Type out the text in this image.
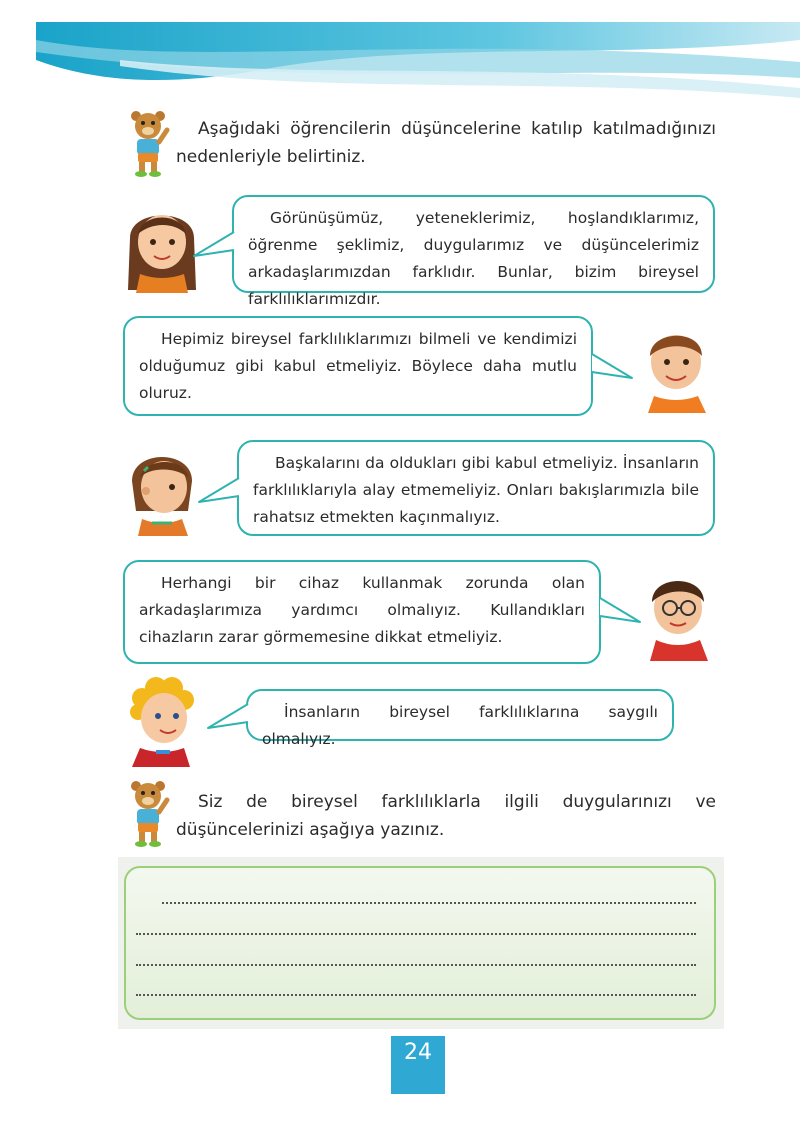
Aşağıdaki öğrencilerin düşüncelerine katılıp katılmadığınızı nedenleriyle belirtiniz.

Görünüşümüz, yeteneklerimiz, hoşlandıklarımız, öğrenme şeklimiz, duygularımız ve düşüncelerimiz arkadaşlarımızdan farklıdır. Bunlar, bizim bireysel farklılıklarımızdır.

Hepimiz bireysel farklılıklarımızı bilmeli ve kendimizi olduğumuz gibi kabul etmeliyiz. Böylece daha mutlu oluruz.

Başkalarını da oldukları gibi kabul etmeliyiz. İnsanların farklılıklarıyla alay etmemeliyiz. Onları bakışlarımızla bile rahatsız etmekten kaçınmalıyız.

Herhangi bir cihaz kullanmak zorunda olan arkadaşlarımıza yardımcı olmalıyız. Kullandıkları cihazların zarar görmemesine dikkat etmeliyiz.

İnsanların bireysel farklılıklarına saygılı olmalıyız.

Siz de bireysel farklılıklarla ilgili duygularınızı ve düşüncelerinizi aşağıya yazınız.
24
